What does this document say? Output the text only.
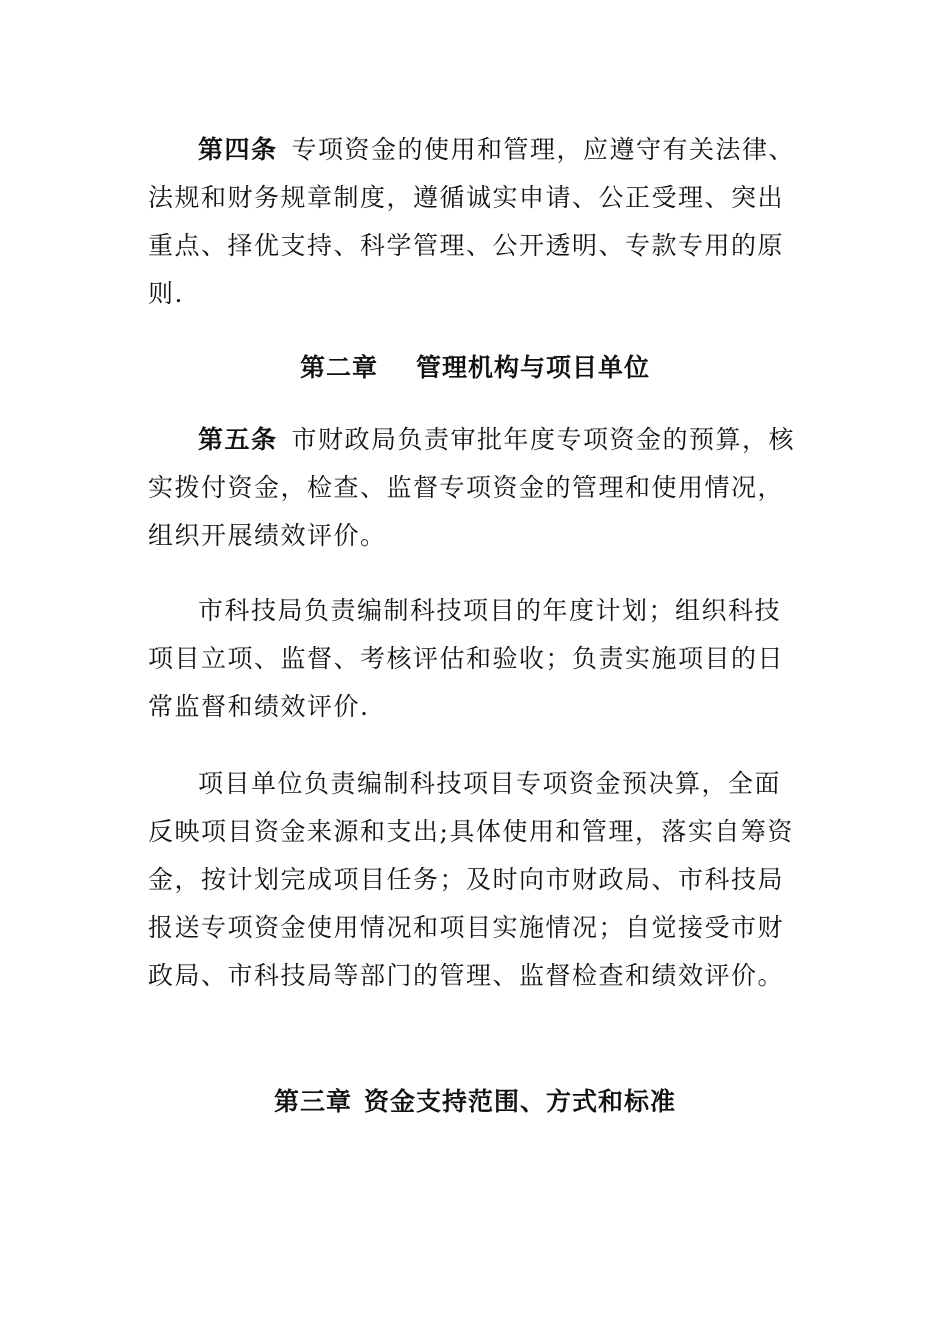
第四条 专项资金的使用和管理，应遵守有关法律、法规和财务规章制度，遵循诚实申请、公正受理、突出重点、择优支持、科学管理、公开透明、专款专用的原则.

第二章 管理机构与项目单位

第五条 市财政局负责审批年度专项资金的预算，核实拨付资金，检查、监督专项资金的管理和使用情况，组织开展绩效评价。

市科技局负责编制科技项目的年度计划；组织科技项目立项、监督、考核评估和验收；负责实施项目的日常监督和绩效评价.

项目单位负责编制科技项目专项资金预决算，全面反映项目资金来源和支出;具体使用和管理，落实自筹资金，按计划完成项目任务；及时向市财政局、市科技局报送专项资金使用情况和项目实施情况；自觉接受市财政局、市科技局等部门的管理、监督检查和绩效评价。

第三章 资金支持范围、方式和标准
